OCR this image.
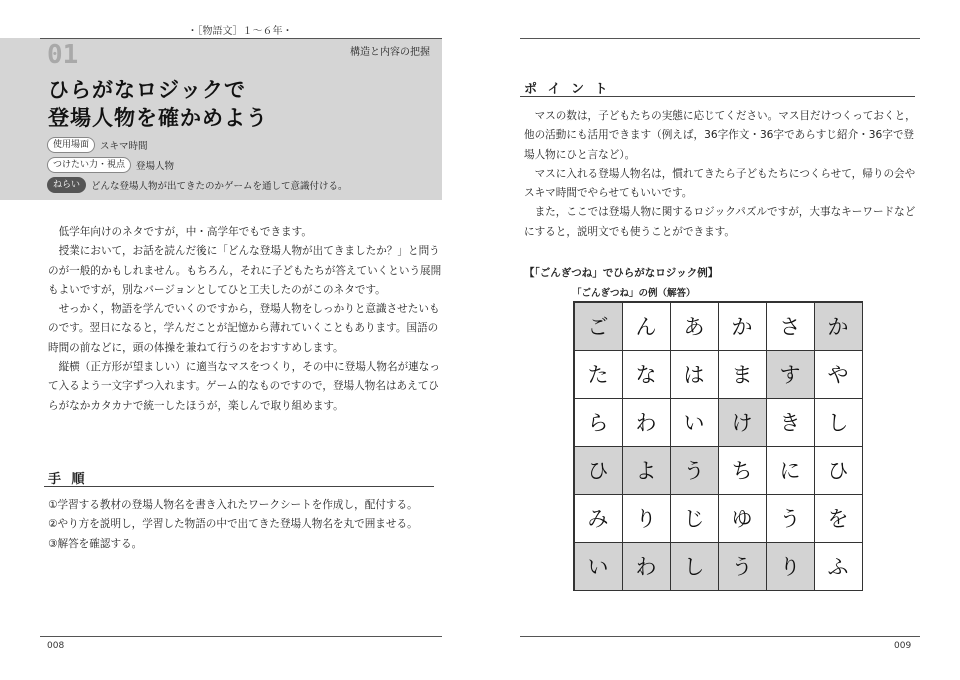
・［物語文］１～６年・
01	構造と内容の把握
ひらがなロジックで
登場人物を確かめよう
使用場面	スキマ時間
つけたい力・視点	登場人物
ねらい	どんな登場人物が出てきたのかゲームを通して意識付ける。

低学年向けのネタですが，中・高学年でもできます。

授業において，お話を読んだ後に「どんな登場人物が出てきましたか？」と問うのが一般的かもしれません。もちろん，それに子どもたちが答えていくという展開もよいですが，別なバージョンとしてひと工夫したのがこのネタです。

せっかく，物語を学んでいくのですから，登場人物をしっかりと意識させたいものです。翌日になると，学んだことが記憶から薄れていくこともあります。国語の時間の前などに，頭の体操を兼ねて行うのをおすすめします。

縦横（正方形が望ましい）に適当なマスをつくり，その中に登場人物名が連なって入るよう一文字ずつ入れます。ゲーム的なものですので，登場人物名はあえてひらがなかカタカナで統一したほうが，楽しんで取り組めます。

手 順
①学習する教材の登場人物名を書き入れたワークシートを作成し，配付する。
②やり方を説明し，学習した物語の中で出てきた登場人物名を丸で囲ませる。
③解答を確認する。
008
ポ イ ン ト

マスの数は，子どもたちの実態に応じてください。マス目だけつくっておくと，他の活動にも活用できます（例えば，36字作文・36字であらすじ紹介・36字で登場人物にひと言など）。

マスに入れる登場人物名は，慣れてきたら子どもたちにつくらせて，帰りの会やスキマ時間でやらせてもいいです。

また，ここでは登場人物に関するロジックパズルですが，大事なキーワードなどにすると，説明文でも使うことができます。

【「ごんぎつね」でひらがなロジック例】
「ごんぎつね」の例（解答）
ご	ん	あ	か	さ	か
た	な	は	ま	す	や
ら	わ	い	け	き	し
ひ	よ	う	ち	に	ひ
み	り	じ	ゆ	う	を
い	わ	し	う	り	ふ
009
